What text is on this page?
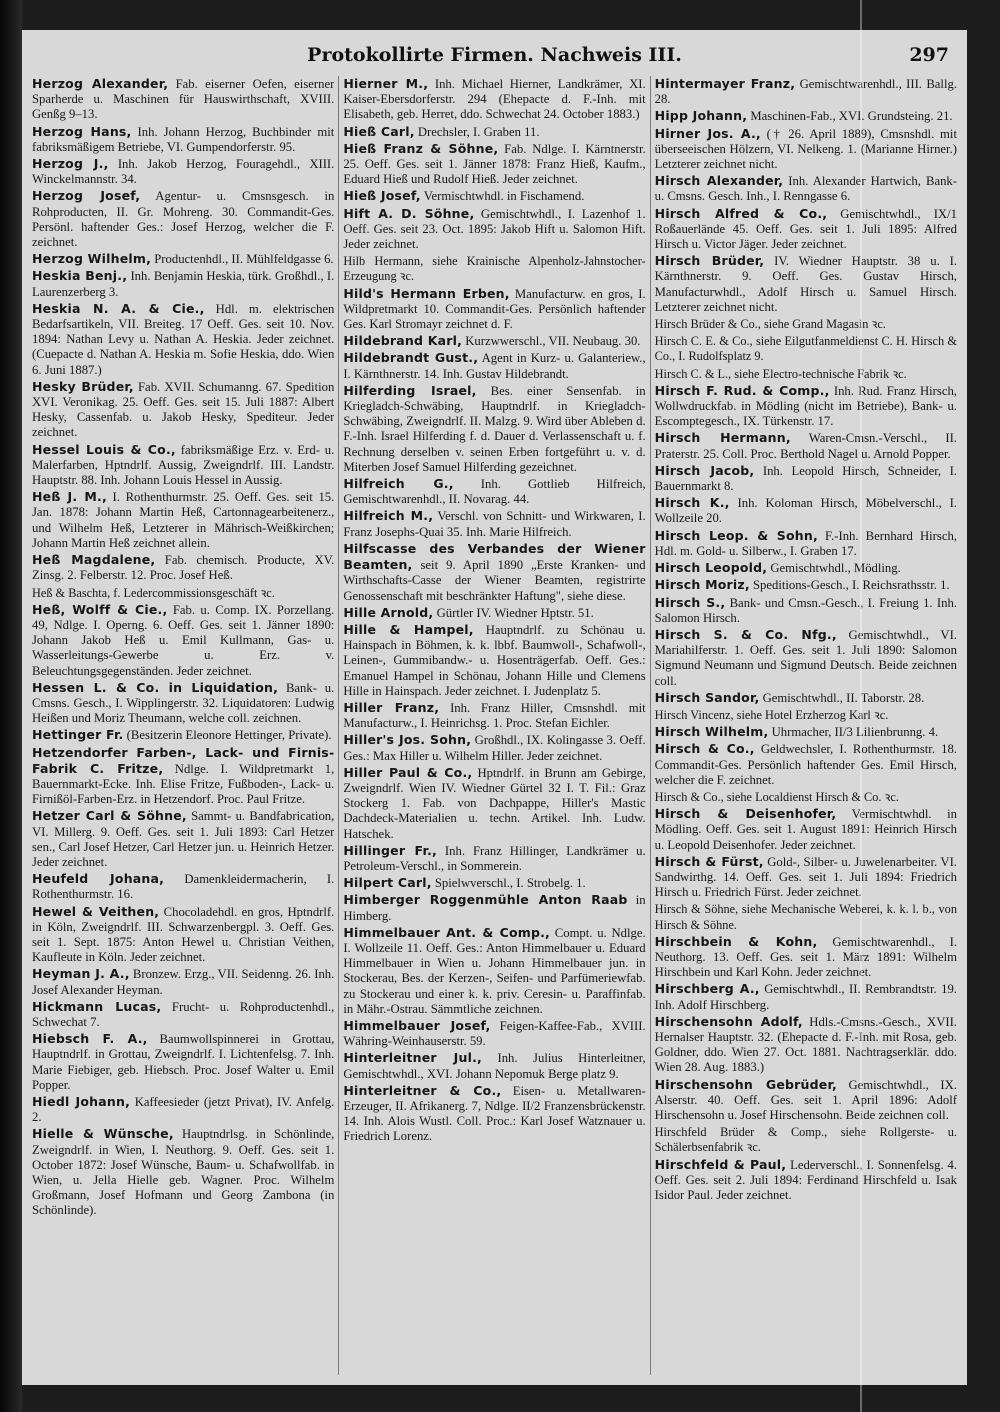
Protokollirte Firmen. Nachweis III.	297

Herzog Alexander, Fab. eiserner Oefen, eiserner Sparherde u. Maschinen für Hauswirthschaft, XVIII. Genßg 9–13.

Herzog Hans, Inh. Johann Herzog, Buchbinder mit fabriksmäßigem Betriebe, VI. Gumpendorferstr. 95.

Herzog J., Inh. Jakob Herzog, Fouragehdl., XIII. Winckelmannstr. 34.

Herzog Josef, Agentur- u. Cmsnsgesch. in Rohproducten, II. Gr. Mohreng. 30. Commandit-Ges. Persönl. haftender Ges.: Josef Herzog, welcher die F. zeichnet.

Herzog Wilhelm, Productenhdl., II. Mühlfeldgasse 6.

Heskia Benj., Inh. Benjamin Heskia, türk. Großhdl., I. Laurenzerberg 3.

Heskia N. A. & Cie., Hdl. m. elektrischen Bedarfsartikeln, VII. Breiteg. 17 Oeff. Ges. seit 10. Nov. 1894: Nathan Levy u. Nathan A. Heskia. Jeder zeichnet. (Cuepacte d. Nathan A. Heskia m. Sofie Heskia, ddo. Wien 6. Juni 1887.)

Hesky Brüder, Fab. XVII. Schumanng. 67. Spedition XVI. Veronikag. 25. Oeff. Ges. seit 15. Juli 1887: Albert Hesky, Cassenfab. u. Jakob Hesky, Spediteur. Jeder zeichnet.

Hessel Louis & Co., fabriksmäßige Erz. v. Erd- u. Malerfarben, Hptndrlf. Aussig, Zweigndrlf. III. Landstr. Hauptstr. 88. Inh. Johann Louis Hessel in Aussig.

Heß J. M., I. Rothenthurmstr. 25. Oeff. Ges. seit 15. Jan. 1878: Johann Martin Heß, Cartonnagearbeitenerz., und Wilhelm Heß, Letzterer in Mährisch-Weißkirchen; Johann Martin Heß zeichnet allein.

Heß Magdalene, Fab. chemisch. Producte, XV. Zinsg. 2. Felberstr. 12. Proc. Josef Heß.

Heß & Baschta, f. Ledercommissionsgeschäft ꝛc.

Heß, Wolff & Cie., Fab. u. Comp. IX. Porzellang. 49, Ndlge. I. Operng. 6. Oeff. Ges. seit 1. Jänner 1890: Johann Jakob Heß u. Emil Kullmann, Gas- u. Wasserleitungs-Gewerbe u. Erz. v. Beleuchtungsgegenständen. Jeder zeichnet.

Hessen L. & Co. in Liquidation, Bank- u. Cmsns. Gesch., I. Wipplingerstr. 32. Liquidatoren: Ludwig Heißen und Moriz Theumann, welche coll. zeichnen.

Hettinger Fr. (Besitzerin Eleonore Hettinger, Private).

Hetzendorfer Farben-, Lack- und Firnis-Fabrik C. Fritze, Ndlge. I. Wildpretmarkt 1, Bauernmarkt-Ecke. Inh. Elise Fritze, Fußboden-, Lack- u. Firnißöl-Farben-Erz. in Hetzendorf. Proc. Paul Fritze.

Hetzer Carl & Söhne, Sammt- u. Bandfabrication, VI. Millerg. 9. Oeff. Ges. seit 1. Juli 1893: Carl Hetzer sen., Carl Josef Hetzer, Carl Hetzer jun. u. Heinrich Hetzer. Jeder zeichnet.

Heufeld Johana, Damenkleidermacherin, I. Rothenthurmstr. 16.

Hewel & Veithen, Chocoladehdl. en gros, Hptndrlf. in Köln, Zweigndrlf. III. Schwarzenbergpl. 3. Oeff. Ges. seit 1. Sept. 1875: Anton Hewel u. Christian Veithen, Kaufleute in Köln. Jeder zeichnet.

Heyman J. A., Bronzew. Erzg., VII. Seidenng. 26. Inh. Josef Alexander Heyman.

Hickmann Lucas, Frucht- u. Rohproductenhdl., Schwechat 7.

Hiebsch F. A., Baumwollspinnerei in Grottau, Hauptndrlf. in Grottau, Zweigndrlf. I. Lichtenfelsg. 7. Inh. Marie Fiebiger, geb. Hiebsch. Proc. Josef Walter u. Emil Popper.

Hiedl Johann, Kaffeesieder (jetzt Privat), IV. Anfelg. 2.

Hielle & Wünsche, Hauptndrlsg. in Schönlinde, Zweigndrlf. in Wien, I. Neuthorg. 9. Oeff. Ges. seit 1. October 1872: Josef Wünsche, Baum- u. Schafwollfab. in Wien, u. Jella Hielle geb. Wagner. Proc. Wilhelm Großmann, Josef Hofmann und Georg Zambona (in Schönlinde).

Hierner M., Inh. Michael Hierner, Landkrämer, XI. Kaiser-Ebersdorferstr. 294 (Ehepacte d. F.-Inh. mit Elisabeth, geb. Herret, ddo. Schwechat 24. October 1883.)

Hieß Carl, Drechsler, I. Graben 11.

Hieß Franz & Söhne, Fab. Ndlge. I. Kärntnerstr. 25. Oeff. Ges. seit 1. Jänner 1878: Franz Hieß, Kaufm., Eduard Hieß und Rudolf Hieß. Jeder zeichnet.

Hieß Josef, Vermischtwhdl. in Fischamend.

Hift A. D. Söhne, Gemischtwhdl., I. Lazenhof 1. Oeff. Ges. seit 23. Oct. 1895: Jakob Hift u. Salomon Hift. Jeder zeichnet.

Hilb Hermann, siehe Krainische Alpenholz-Jahnstocher-Erzeugung ꝛc.

Hild's Hermann Erben, Manufacturw. en gros, I. Wildpretmarkt 10. Commandit-Ges. Persönlich haftender Ges. Karl Stromayr zeichnet d. F.

Hildebrand Karl, Kurzwwerschl., VII. Neubaug. 30.

Hildebrandt Gust., Agent in Kurz- u. Galanteriew., I. Kärnthnerstr. 14. Inh. Gustav Hildebrandt.

Hilferding Israel, Bes. einer Sensenfab. in Kriegladch-Schwäbing, Hauptndrlf. in Kriegladch-Schwäbing, Zweigndrlf. II. Malzg. 9. Wird über Ableben d. F.-Inh. Israel Hilferding f. d. Dauer d. Verlassenschaft u. f. Rechnung derselben v. seinen Erben fortgeführt u. v. d. Miterben Josef Samuel Hilferding gezeichnet.

Hilfreich G., Inh. Gottlieb Hilfreich, Gemischtwarenhdl., II. Novarag. 44.

Hilfreich M., Verschl. von Schnitt- und Wirkwaren, I. Franz Josephs-Quai 35. Inh. Marie Hilfreich.

Hilfscasse des Verbandes der Wiener Beamten, seit 9. April 1890 „Erste Kranken- und Wirthschafts-Casse der Wiener Beamten, registrirte Genossenschaft mit beschränkter Haftung", siehe diese.

Hille Arnold, Gürtler IV. Wiedner Hptstr. 51.

Hille & Hampel, Hauptndrlf. zu Schönau u. Hainspach in Böhmen, k. k. lbbf. Baumwoll-, Schafwoll-, Leinen-, Gummibandw.- u. Hosenträgerfab. Oeff. Ges.: Emanuel Hampel in Schönau, Johann Hille und Clemens Hille in Hainspach. Jeder zeichnet. I. Judenplatz 5.

Hiller Franz, Inh. Franz Hiller, Cmsnshdl. mit Manufacturw., I. Heinrichsg. 1. Proc. Stefan Eichler.

Hiller's Jos. Sohn, Großhdl., IX. Kolingasse 3. Oeff. Ges.: Max Hiller u. Wilhelm Hiller. Jeder zeichnet.

Hiller Paul & Co., Hptndrlf. in Brunn am Gebirge, Zweigndrlf. Wien IV. Wiedner Gürtel 32 I. T. Fil.: Graz Stockerg 1. Fab. von Dachpappe, Hiller's Mastic Dachdeck-Materialien u. techn. Artikel. Inh. Ludw. Hatschek.

Hillinger Fr., Inh. Franz Hillinger, Landkrämer u. Petroleum-Verschl., in Sommerein.

Hilpert Carl, Spielwverschl., I. Strobelg. 1.

Himberger Roggenmühle Anton Raab in Himberg.

Himmelbauer Ant. & Comp., Compt. u. Ndlge. I. Wollzeile 11. Oeff. Ges.: Anton Himmelbauer u. Eduard Himmelbauer in Wien u. Johann Himmelbauer jun. in Stockerau, Bes. der Kerzen-, Seifen- und Parfümeriewfab. zu Stockerau und einer k. k. priv. Ceresin- u. Paraffinfab. in Mähr.-Ostrau. Sämmtliche zeichnen.

Himmelbauer Josef, Feigen-Kaffee-Fab., XVIII. Währing-Weinhauserstr. 59.

Hinterleitner Jul., Inh. Julius Hinterleitner, Gemischtwhdl., XVI. Johann Nepomuk Berge platz 9.

Hinterleitner & Co., Eisen- u. Metallwaren-Erzeuger, II. Afrikanerg. 7, Ndlge. II/2 Franzensbrückenstr. 14. Inh. Alois Wustl. Coll. Proc.: Karl Josef Watznauer u. Friedrich Lorenz.

Hintermayer Franz, Gemischtwarenhdl., III. Ballg. 28.

Hipp Johann, Maschinen-Fab., XVI. Grundsteing. 21.

Hirner Jos. A., († 26. April 1889), Cmsnshdl. mit überseeischen Hölzern, VI. Nelkeng. 1. (Marianne Hirner.) Letzterer zeichnet nicht.

Hirsch Alexander, Inh. Alexander Hartwich, Bank- u. Cmsns. Gesch. Inh., I. Renngasse 6.

Hirsch Alfred & Co., Gemischtwhdl., IX/1 Roßauerlände 45. Oeff. Ges. seit 1. Juli 1895: Alfred Hirsch u. Victor Jäger. Jeder zeichnet.

Hirsch Brüder, IV. Wiedner Hauptstr. 38 u. I. Kärnthnerstr. 9. Oeff. Ges. Gustav Hirsch, Manufacturwhdl., Adolf Hirsch u. Samuel Hirsch. Letzterer zeichnet nicht.

Hirsch Brüder & Co., siehe Grand Magasin ꝛc.

Hirsch C. E. & Co., siehe Eilgutfanmeldienst C. H. Hirsch & Co., I. Rudolfsplatz 9.

Hirsch C. & L., siehe Electro-technische Fabrik ꝛc.

Hirsch F. Rud. & Comp., Inh. Rud. Franz Hirsch, Wollwdruckfab. in Mödling (nicht im Betriebe), Bank- u. Escomptegesch., IX. Türkenstr. 17.

Hirsch Hermann, Waren-Cmsn.-Verschl., II. Praterstr. 25. Coll. Proc. Berthold Nagel u. Arnold Popper.

Hirsch Jacob, Inh. Leopold Hirsch, Schneider, I. Bauernmarkt 8.

Hirsch K., Inh. Koloman Hirsch, Möbelverschl., I. Wollzeile 20.

Hirsch Leop. & Sohn, F.-Inh. Bernhard Hirsch, Hdl. m. Gold- u. Silberw., I. Graben 17.

Hirsch Leopold, Gemischtwhdl., Mödling.

Hirsch Moriz, Speditions-Gesch., I. Reichsrathsstr. 1.

Hirsch S., Bank- und Cmsn.-Gesch., I. Freiung 1. Inh. Salomon Hirsch.

Hirsch S. & Co. Nfg., Gemischtwhdl., VI. Mariahilferstr. 1. Oeff. Ges. seit 1. Juli 1890: Salomon Sigmund Neumann und Sigmund Deutsch. Beide zeichnen coll.

Hirsch Sandor, Gemischtwhdl., II. Taborstr. 28.

Hirsch Vincenz, siehe Hotel Erzherzog Karl ꝛc.

Hirsch Wilhelm, Uhrmacher, II/3 Lilienbrunng. 4.

Hirsch & Co., Geldwechsler, I. Rothenthurmstr. 18. Commandit-Ges. Persönlich haftender Ges. Emil Hirsch, welcher die F. zeichnet.

Hirsch & Co., siehe Localdienst Hirsch & Co. ꝛc.

Hirsch & Deisenhofer, Vermischtwhdl. in Mödling. Oeff. Ges. seit 1. August 1891: Heinrich Hirsch u. Leopold Deisenhofer. Jeder zeichnet.

Hirsch & Fürst, Gold-, Silber- u. Juwelenarbeiter. VI. Sandwirthg. 14. Oeff. Ges. seit 1. Juli 1894: Friedrich Hirsch u. Friedrich Fürst. Jeder zeichnet.

Hirsch & Söhne, siehe Mechanische Weberei, k. k. l. b., von Hirsch & Söhne.

Hirschbein & Kohn, Gemischtwarenhdl., I. Neuthorg. 13. Oeff. Ges. seit 1. März 1891: Wilhelm Hirschbein und Karl Kohn. Jeder zeichnet.

Hirschberg A., Gemischtwhdl., II. Rembrandtstr. 19. Inh. Adolf Hirschberg.

Hirschensohn Adolf, Hdls.-Cmsns.-Gesch., XVII. Hernalser Hauptstr. 32. (Ehepacte d. F.-Inh. mit Rosa, geb. Goldner, ddo. Wien 27. Oct. 1881. Nachtragserklär. ddo. Wien 28. Aug. 1883.)

Hirschensohn Gebrüder, Gemischtwhdl., IX. Alserstr. 40. Oeff. Ges. seit 1. April 1896: Adolf Hirschensohn u. Josef Hirschensohn. Beide zeichnen coll.

Hirschfeld Brüder & Comp., siehe Rollgerste- u. Schälerbsenfabrik ꝛc.

Hirschfeld & Paul, Lederverschl., I. Sonnenfelsg. 4. Oeff. Ges. seit 2. Juli 1894: Ferdinand Hirschfeld u. Isak Isidor Paul. Jeder zeichnet.
